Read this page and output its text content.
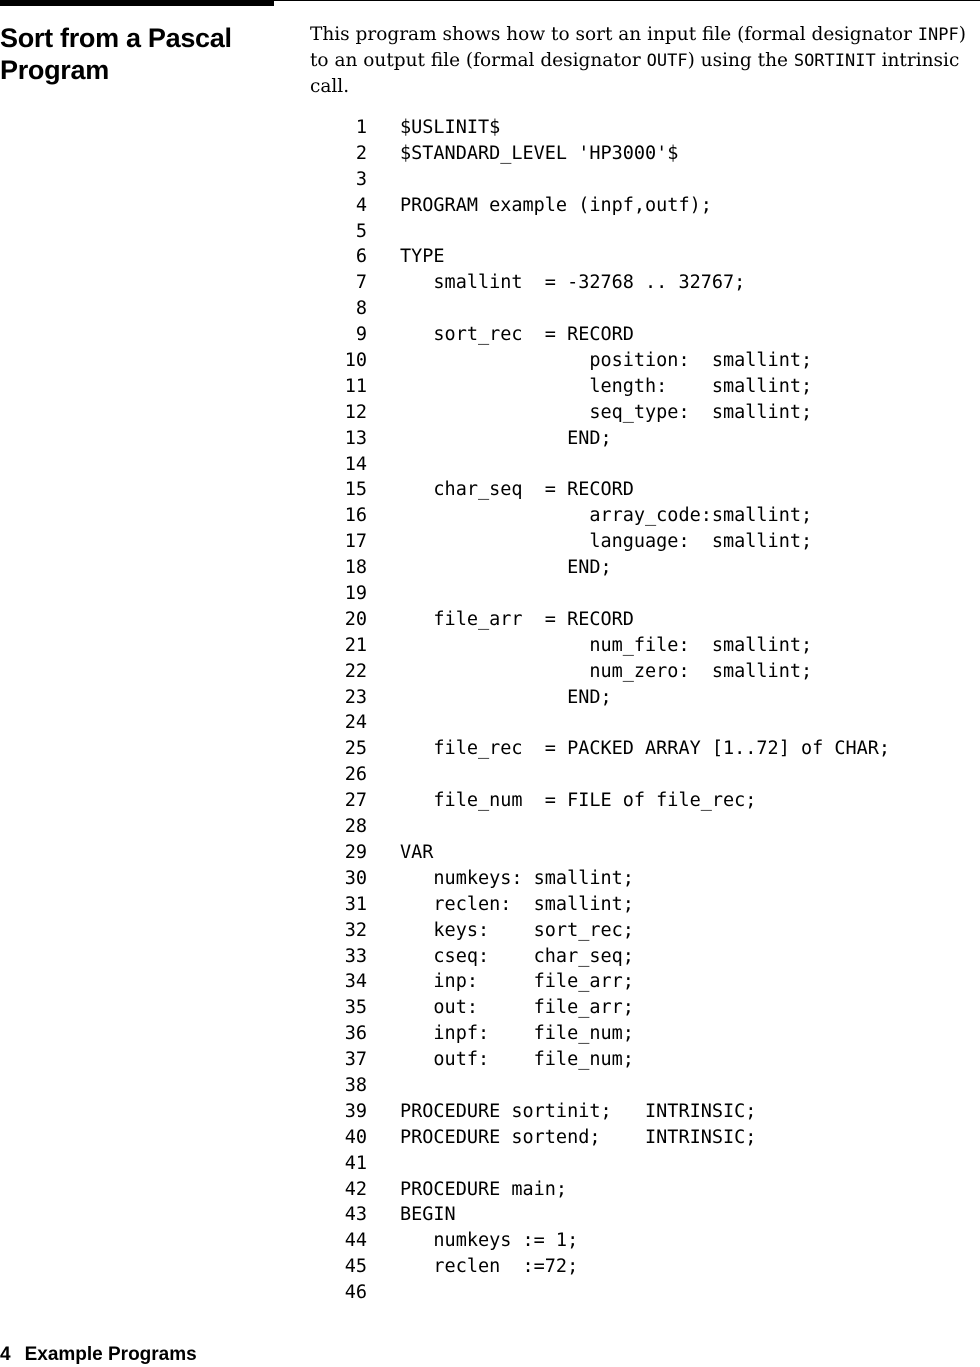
Sort from a Pascal
Program

This program shows how to sort an input file (formal designator INPF) to an output file (formal designator OUTF) using the SORTINIT intrinsic call.

1	$USLINIT$
2	$STANDARD_LEVEL 'HP3000'$
3
4	PROGRAM example (inpf,outf);
5
6	TYPE
7	smallint  = -32768 .. 32767;
8
9	sort_rec  = RECORD
10	position:  smallint;
11	length:    smallint;
12	seq_type:  smallint;
13	END;
14
15	char_seq  = RECORD
16	array_code:smallint;
17	language:  smallint;
18	END;
19
20	file_arr  = RECORD
21	num_file:  smallint;
22	num_zero:  smallint;
23	END;
24
25	file_rec  = PACKED ARRAY [1..72] of CHAR;
26
27	file_num  = FILE of file_rec;
28
29	VAR
30	numkeys: smallint;
31	reclen:  smallint;
32	keys:    sort_rec;
33	cseq:    char_seq;
34	inp:     file_arr;
35	out:     file_arr;
36	inpf:    file_num;
37	outf:    file_num;
38
39	PROCEDURE sortinit;   INTRINSIC;
40	PROCEDURE sortend;    INTRINSIC;
41
42	PROCEDURE main;
43	BEGIN
44	numkeys := 1;
45	reclen  :=72;
46
4 Example Programs
